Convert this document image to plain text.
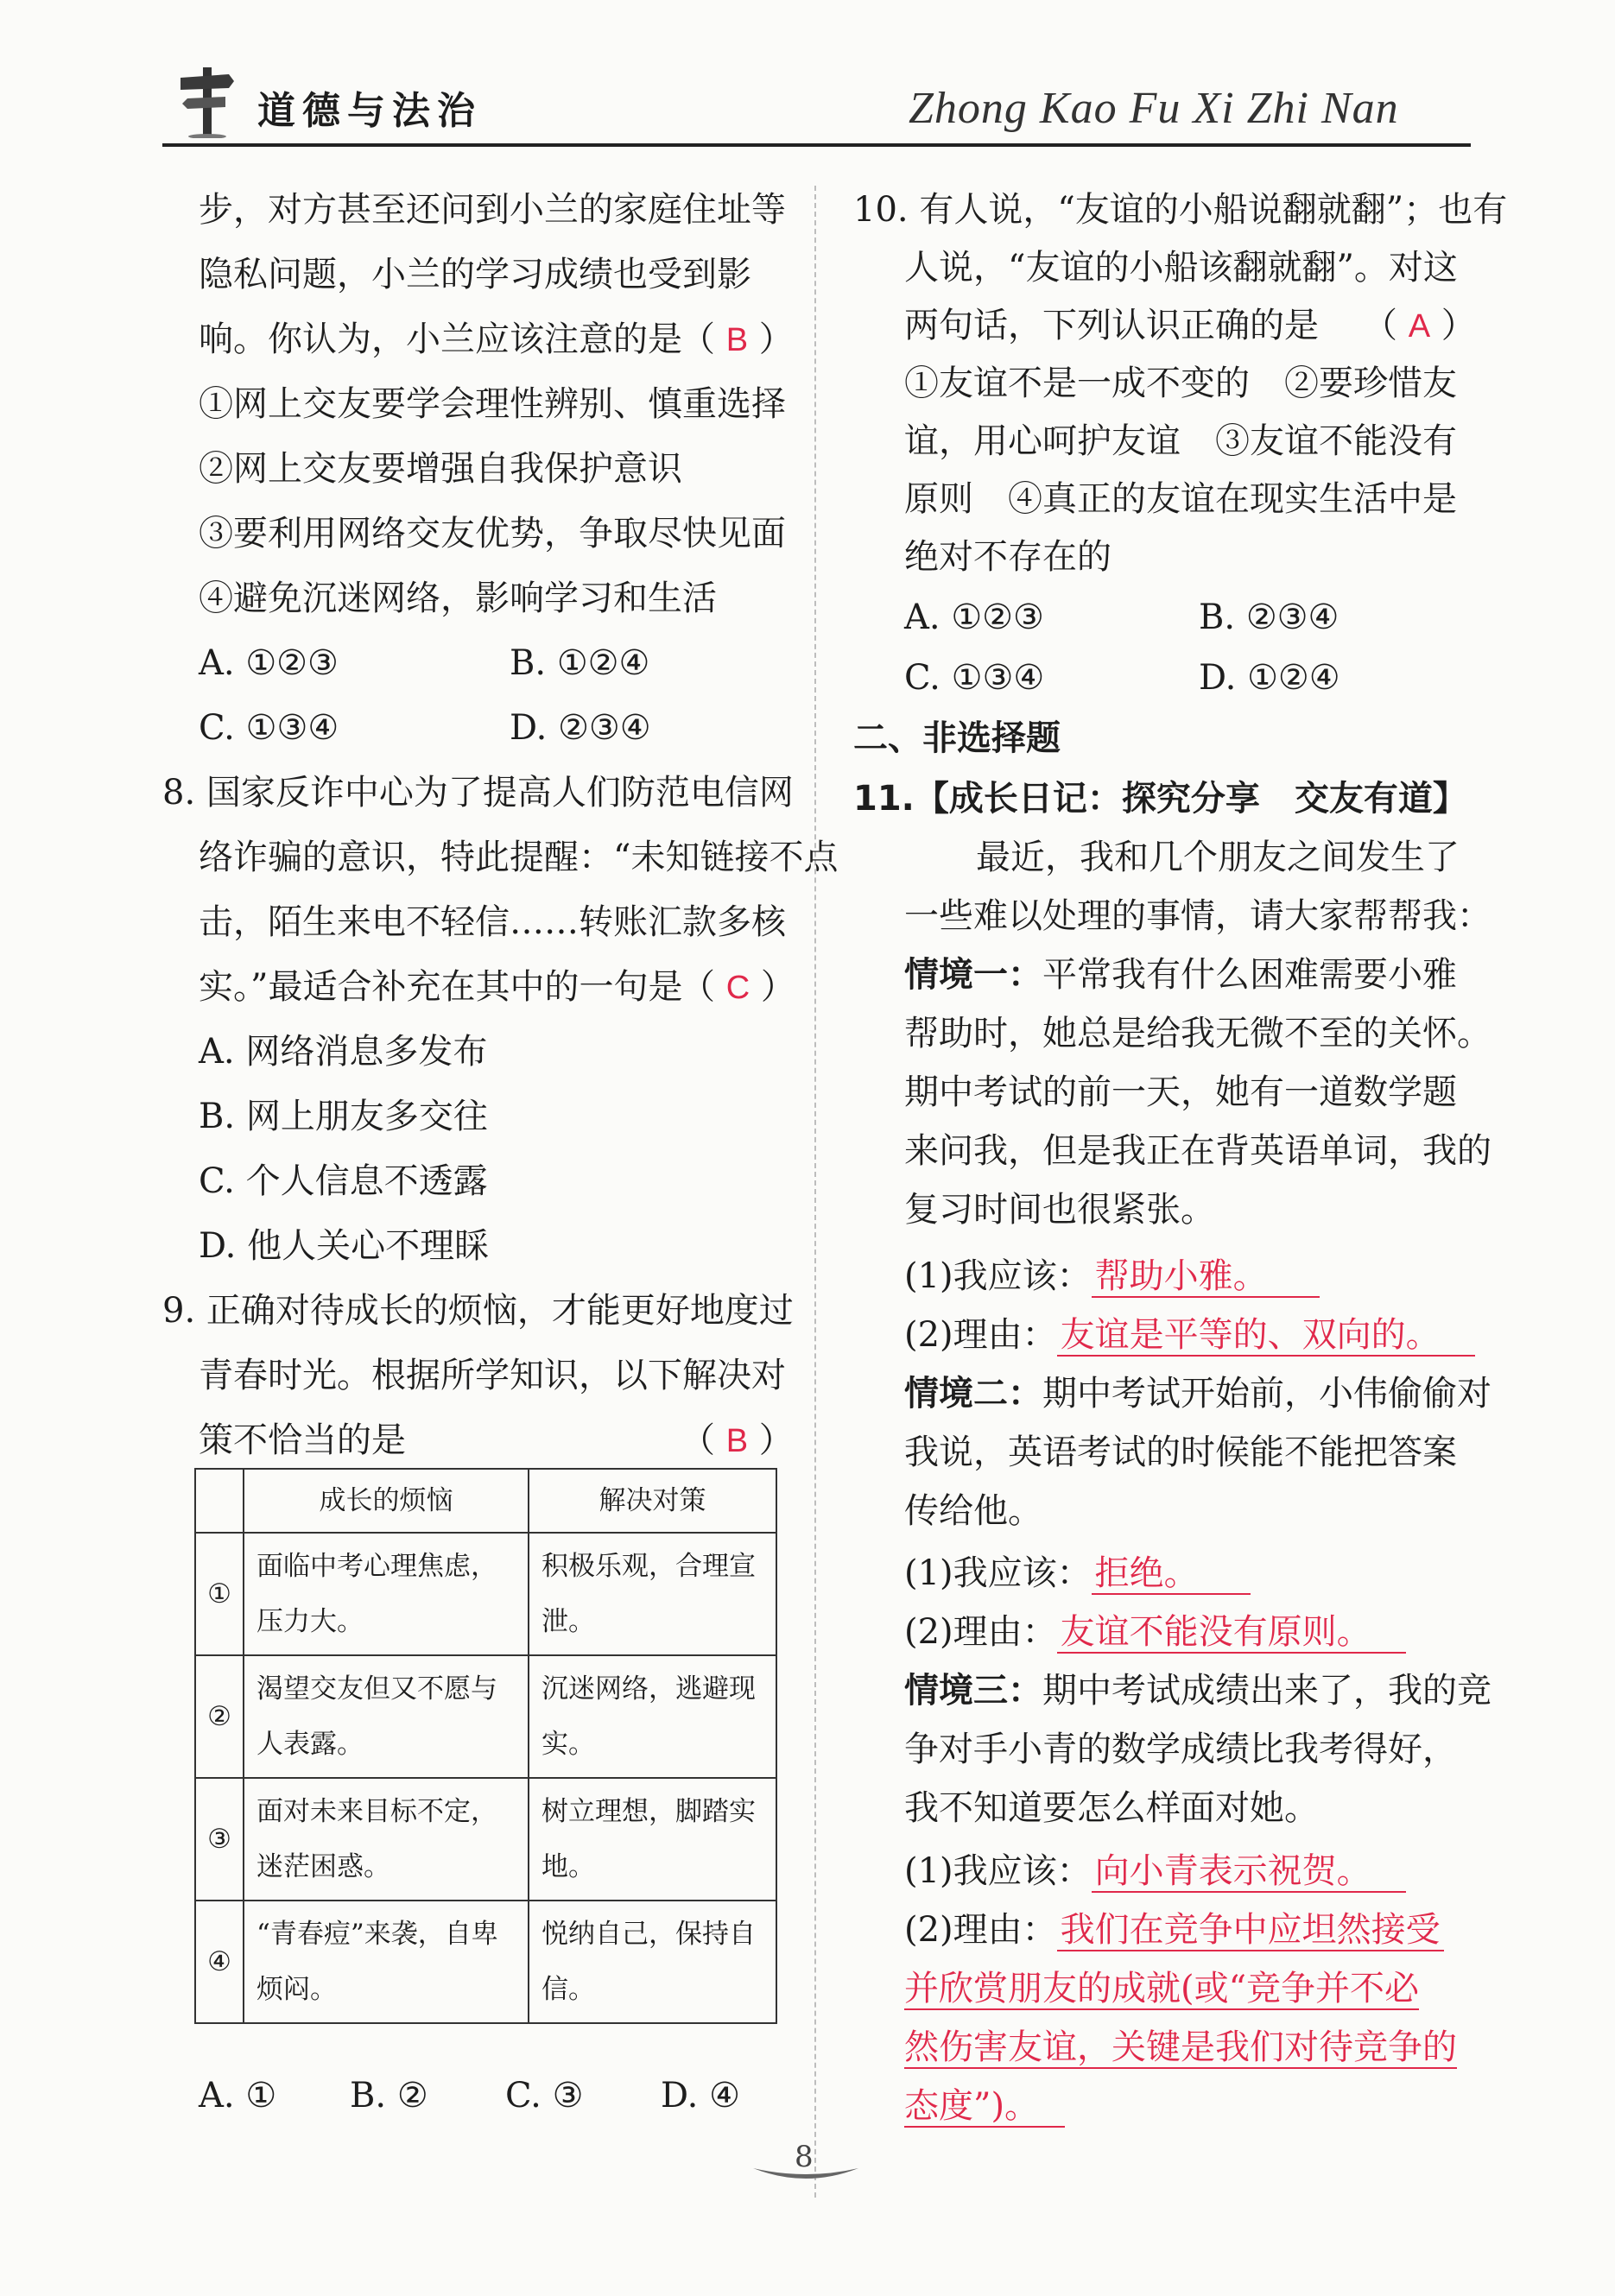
道德与法治	Zhong Kao Fu Xi Zhi Nan
步，对方甚至还问到小兰的家庭住址等
隐私问题，小兰的学习成绩也受到影
响。你认为，小兰应该注意的是
（ B ）
①网上交友要学会理性辨别、慎重选择
②网上交友要增强自我保护意识
③要利用网络交友优势，争取尽快见面
④避免沉迷网络，影响学习和生活
A. ①②③	B. ①②④
C. ①③④	D. ②③④
8. 国家反诈中心为了提高人们防范电信网
络诈骗的意识，特此提醒：“未知链接不点
击，陌生来电不轻信……转账汇款多核
实。”最适合补充在其中的一句是
（ C ）
A. 网络消息多发布
B. 网上朋友多交往
C. 个人信息不透露
D. 他人关心不理睬
9. 正确对待成长的烦恼，才能更好地度过
青春时光。根据所学知识，以下解决对
策不恰当的是	（ B ）
	成长的烦恼	解决对策
①	面临中考心理焦虑，压力大。	积极乐观，合理宣泄。
②	渴望交友但又不愿与人表露。	沉迷网络，逃避现实。
③	面对未来目标不定，迷茫困惑。	树立理想，脚踏实地。
④	“青春痘”来袭，自卑烦闷。	悦纳自己，保持自信。
A. ① B. ② C. ③ D. ④
10. 有人说，“友谊的小船说翻就翻”；也有
人说，“友谊的小船该翻就翻”。对这
两句话，下列认识正确的是 （ A ）
①友谊不是一成不变的　②要珍惜友
谊，用心呵护友谊　③友谊不能没有
原则　④真正的友谊在现实生活中是
绝对不存在的
A. ①②③	B. ②③④
C. ①③④	D. ①②④
二、非选择题
11.【成长日记：探究分享　交友有道】
最近，我和几个朋友之间发生了
一些难以处理的事情，请大家帮帮我：
情境一：平常我有什么困难需要小雅
帮助时，她总是给我无微不至的关怀。
期中考试的前一天，她有一道数学题
来问我，但是我正在背英语单词，我的
复习时间也很紧张。
(1)我应该： 帮助小雅。
(2)理由： 友谊是平等的、双向的。
情境二：期中考试开始前，小伟偷偷对
我说，英语考试的时候能不能把答案
传给他。
(1)我应该： 拒绝。
(2)理由： 友谊不能没有原则。
情境三：期中考试成绩出来了，我的竞
争对手小青的数学成绩比我考得好，
我不知道要怎么样面对她。
(1)我应该： 向小青表示祝贺。
(2)理由： 我们在竞争中应坦然接受
并欣赏朋友的成就(或“竞争并不必
然伤害友谊，关键是我们对待竞争的
态度”)。
8
